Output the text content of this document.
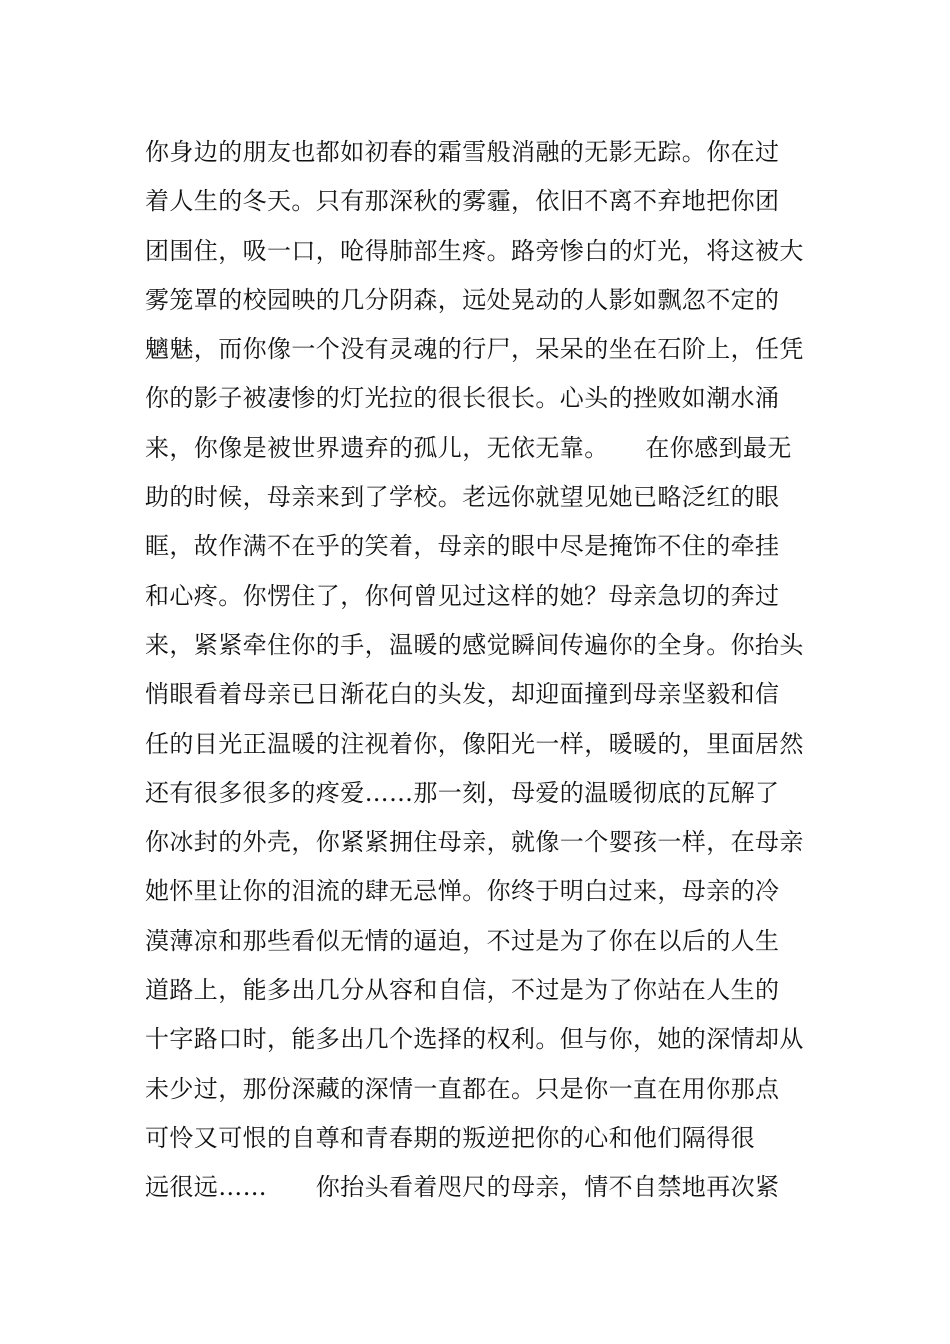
你身边的朋友也都如初春的霜雪般消融的无影无踪。你在过
着人生的冬天。只有那深秋的雾霾，依旧不离不弃地把你团
团围住，吸一口，呛得肺部生疼。路旁惨白的灯光，将这被大
雾笼罩的校园映的几分阴森，远处晃动的人影如飘忽不定的
魑魅，而你像一个没有灵魂的行尸，呆呆的坐在石阶上，任凭
你的影子被凄惨的灯光拉的很长很长。心头的挫败如潮水涌
来，你像是被世界遗弃的孤儿，无依无靠。　　在你感到最无
助的时候，母亲来到了学校。老远你就望见她已略泛红的眼
眶，故作满不在乎的笑着，母亲的眼中尽是掩饰不住的牵挂
和心疼。你愣住了，你何曾见过这样的她？母亲急切的奔过
来，紧紧牵住你的手，温暖的感觉瞬间传遍你的全身。你抬头
悄眼看着母亲已日渐花白的头发，却迎面撞到母亲坚毅和信
任的目光正温暖的注视着你，像阳光一样，暖暖的，里面居然
还有很多很多的疼爱……那一刻，母爱的温暖彻底的瓦解了
你冰封的外壳，你紧紧拥住母亲，就像一个婴孩一样，在母亲
她怀里让你的泪流的肆无忌惮。你终于明白过来，母亲的冷
漠薄凉和那些看似无情的逼迫，不过是为了你在以后的人生
道路上，能多出几分从容和自信，不过是为了你站在人生的
十字路口时，能多出几个选择的权利。但与你，她的深情却从
未少过，那份深藏的深情一直都在。只是你一直在用你那点
可怜又可恨的自尊和青春期的叛逆把你的心和他们隔得很
远很远……　　你抬头看着咫尺的母亲，情不自禁地再次紧
